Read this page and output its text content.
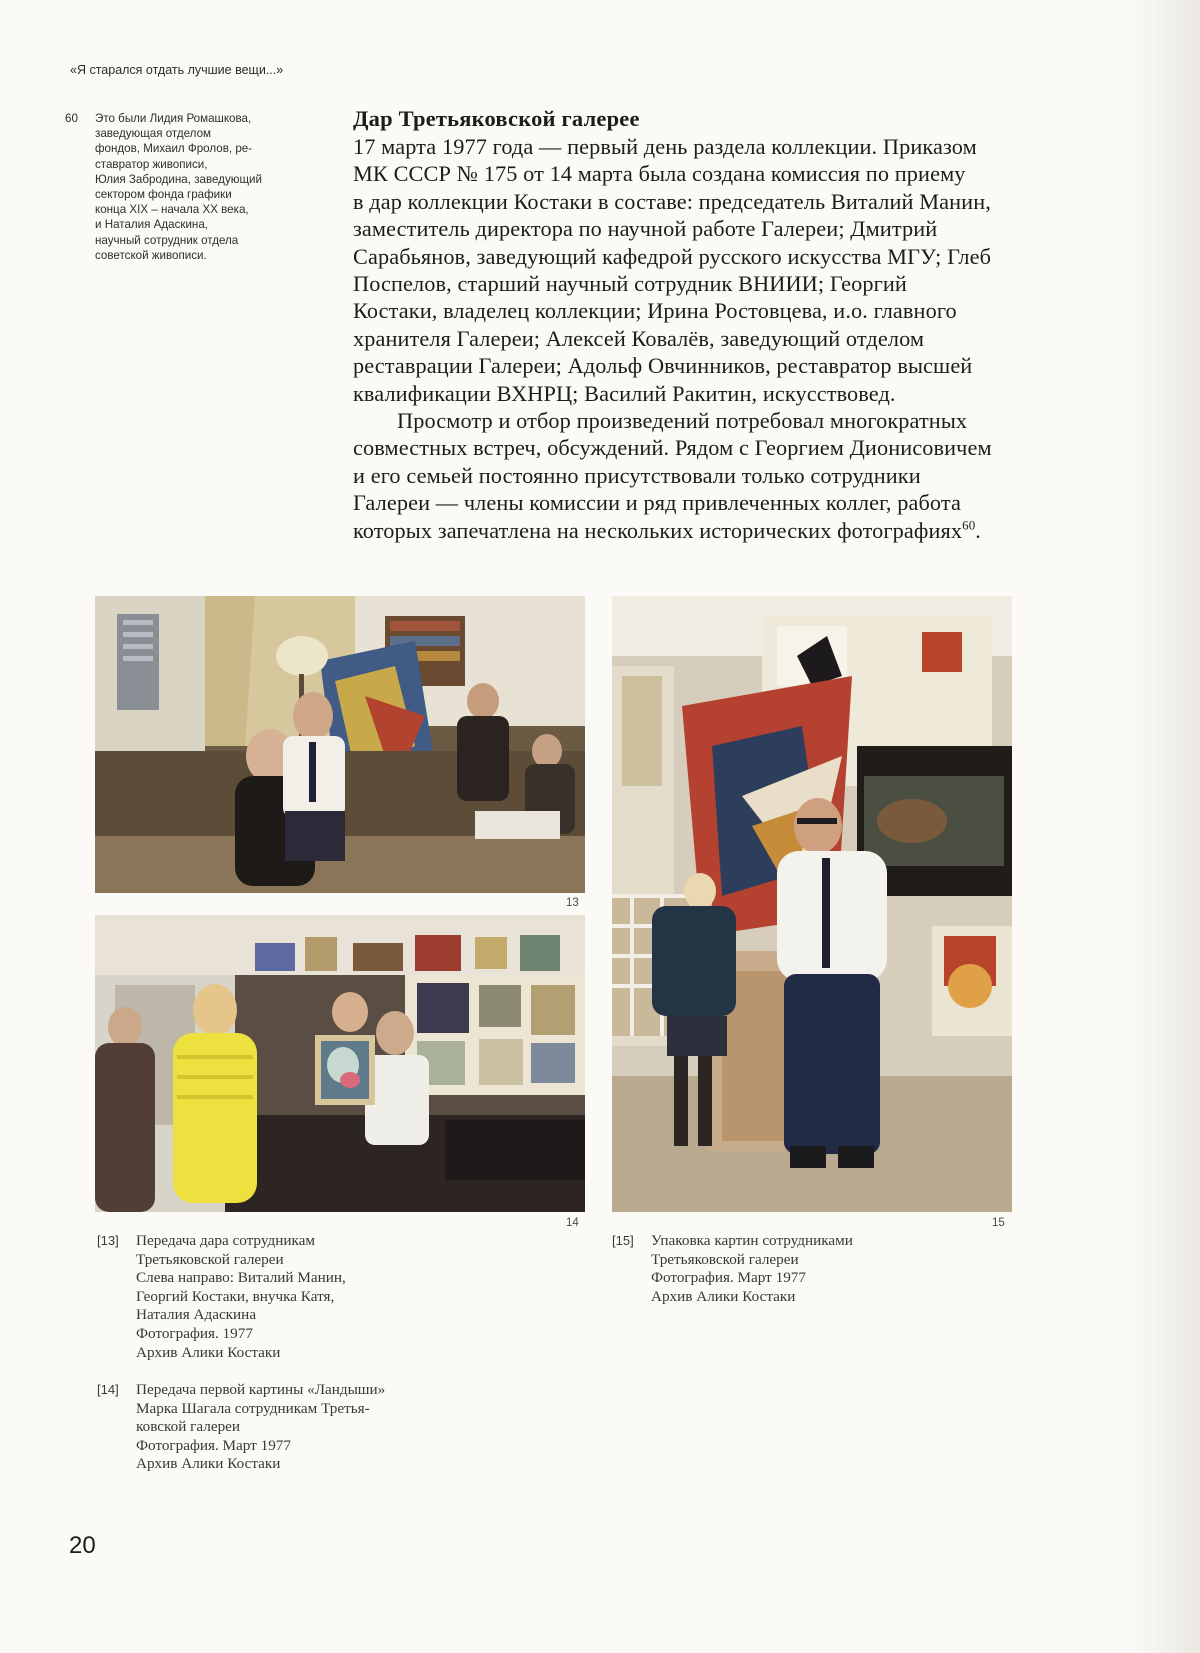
«Я старался отдать лучшие вещи...»
60 Это были Лидия Ромашкова,
заведующая отделом
фондов, Михаил Фролов, ре-
ставратор живописи,
Юлия Забродина, заведующий
сектором фонда графики
конца XIX – начала XX века,
и Наталия Адаскина,
научный сотрудник отдела
советской живописи.
Дар Третьяковской галерее

17 марта 1977 года — первый день раздела коллекции. Приказом
МК СССР № 175 от 14 марта была создана комиссия по приему
в дар коллекции Костаки в составе: председатель Виталий Манин,
заместитель директора по научной работе Галереи; Дмитрий
Сарабьянов, заведующий кафедрой русского искусства МГУ; Глеб
Поспелов, старший научный сотрудник ВНИИИ; Георгий
Костаки, владелец коллекции; Ирина Ростовцева, и.о. главного
хранителя Галереи; Алексей Ковалёв, заведующий отделом
реставрации Галереи; Адольф Овчинников, реставратор высшей
квалификации ВХНРЦ; Василий Ракитин, искусствовед.

Просмотр и отбор произведений потребовал многократных
совместных встреч, обсуждений. Рядом с Георгием Дионисовичем
и его семьей постоянно присутствовали только сотрудники
Галереи — члены комиссии и ряд привлеченных коллег, работа
которых запечатлена на нескольких исторических фотографиях$^{60}$.

13
14	15
[13] Передача дара сотрудникам
Третьяковской галереи
Слева направо: Виталий Манин,
Георгий Костаки, внучка Катя,
Наталия Адаскина
Фотография. 1977
Архив Алики Костаки
[14] Передача первой картины «Ландыши»
Марка Шагала сотрудникам Третья-
ковской галереи
Фотография. Март 1977
Архив Алики Костаки
[15] Упаковка картин сотрудниками
Третьяковской галереи
Фотография. Март 1977
Архив Алики Костаки
20
